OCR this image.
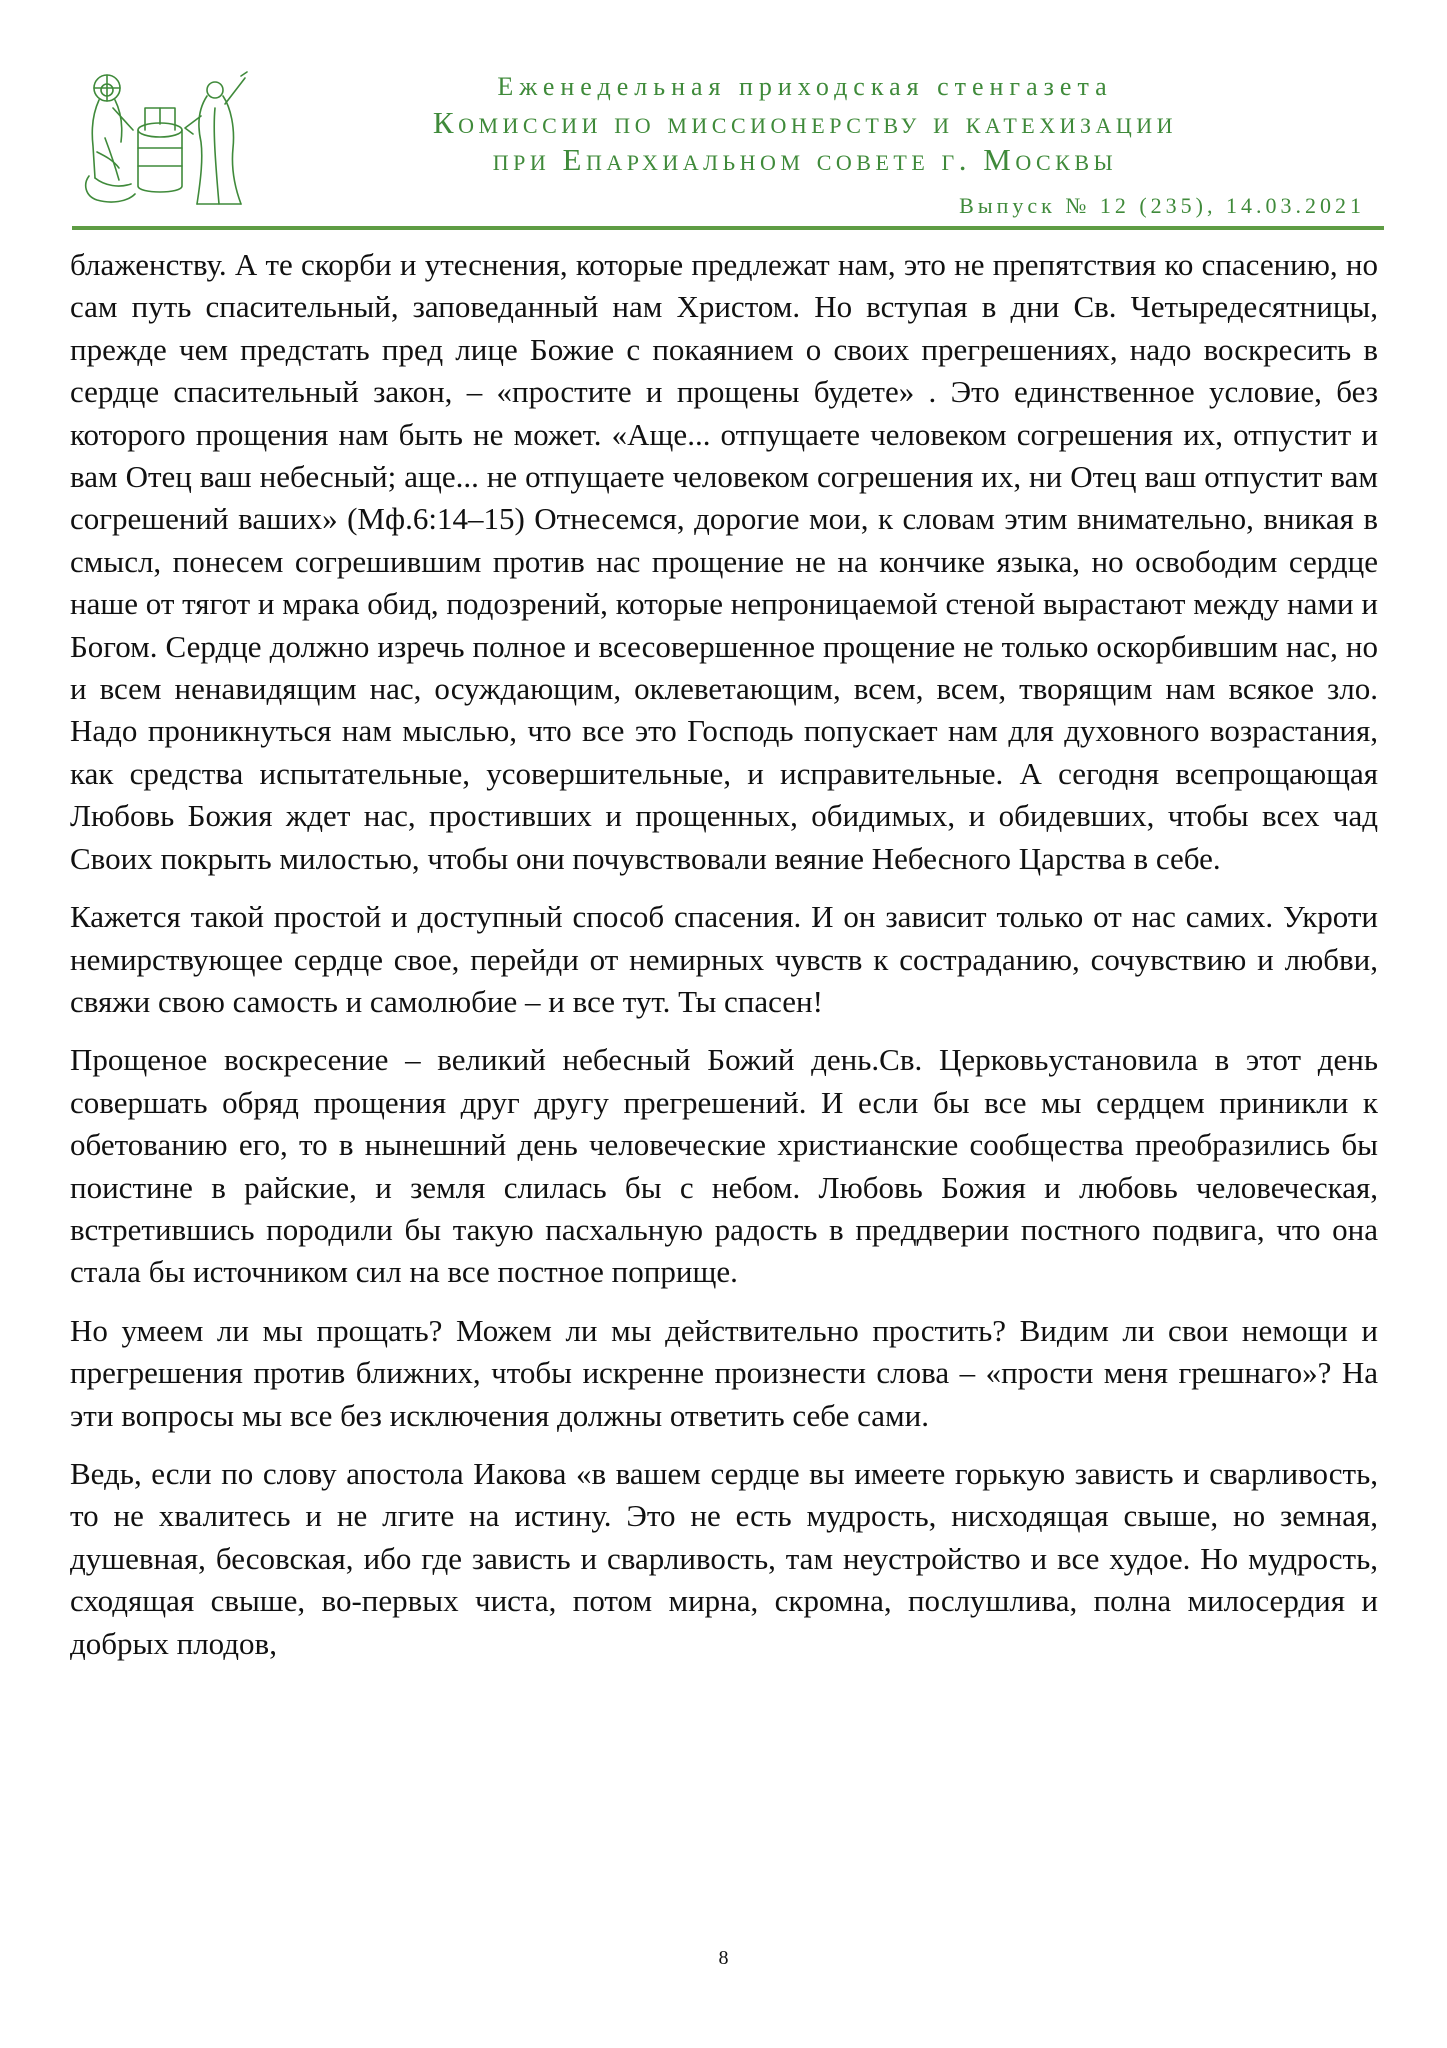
Еженедельная приходская стенгазета
Комиссии по миссионерству и катехизации
при Епархиальном совете г. Москвы
Выпуск № 12 (235), 14.03.2021

блаженству. А те скорби и утеснения, которые предлежат нам, это не препятствия ко спасению, но сам путь спасительный, заповеданный нам Христом. Но вступая в дни Св. Четыредесятницы, прежде чем предстать пред лице Божие с покаянием о своих прегрешениях, надо воскресить в сердце спасительный закон, – «простите и прощены будете» . Это единственное условие, без которого прощения нам быть не может. «Аще... отпущаете человеком согрешения их, отпустит и вам Отец ваш небесный; аще... не отпущаете человеком согрешения их, ни Отец ваш отпустит вам согрешений ваших» (Мф.6:14–15) Отнесемся, дорогие мои, к словам этим внимательно, вникая в смысл, понесем согрешившим против нас прощение не на кончике языка, но освободим сердце наше от тягот и мрака обид, подозрений, которые непроницаемой стеной вырастают между нами и Богом. Сердце должно изречь полное и всесовершенное прощение не только оскорбившим нас, но и всем ненавидящим нас, осуждающим, оклеветающим, всем, всем, творящим нам всякое зло. Надо проникнуться нам мыслью, что все это Господь попускает нам для духовного возрастания, как средства испытательные, усовершительные, и исправительные. А сегодня всепрощающая Любовь Божия ждет нас, простивших и прощенных, обидимых, и обидевших, чтобы всех чад Своих покрыть милостью, чтобы они почувствовали веяние Небесного Царства в себе.

Кажется такой простой и доступный способ спасения. И он зависит только от нас самих. Укроти немирствующее сердце свое, перейди от немирных чувств к состраданию, сочувствию и любви, свяжи свою самость и самолюбие – и все тут. Ты спасен!

Прощеное воскресение – великий небесный Божий день.Св. Церковьустановила в этот день совершать обряд прощения друг другу прегрешений. И если бы все мы сердцем приникли к обетованию его, то в нынешний день человеческие христианские сообщества преобразились бы поистине в райские, и земля слилась бы с небом. Любовь Божия и любовь человеческая, встретившись породили бы такую пасхальную радость в преддверии постного подвига, что она стала бы источником сил на все постное поприще.

Но умеем ли мы прощать? Можем ли мы действительно простить? Видим ли свои немощи и прегрешения против ближних, чтобы искренне произнести слова – «прости меня грешнаго»? На эти вопросы мы все без исключения должны ответить себе сами.

Ведь, если по слову апостола Иакова «в вашем сердце вы имеете горькую зависть и сварливость, то не хвалитесь и не лгите на истину. Это не есть мудрость, нисходящая свыше, но земная, душевная, бесовская, ибо где зависть и сварливость, там неустройство и все худое. Но мудрость, сходящая свыше, во-первых чиста, потом мирна, скромна, послушлива, полна милосердия и добрых плодов,

8
